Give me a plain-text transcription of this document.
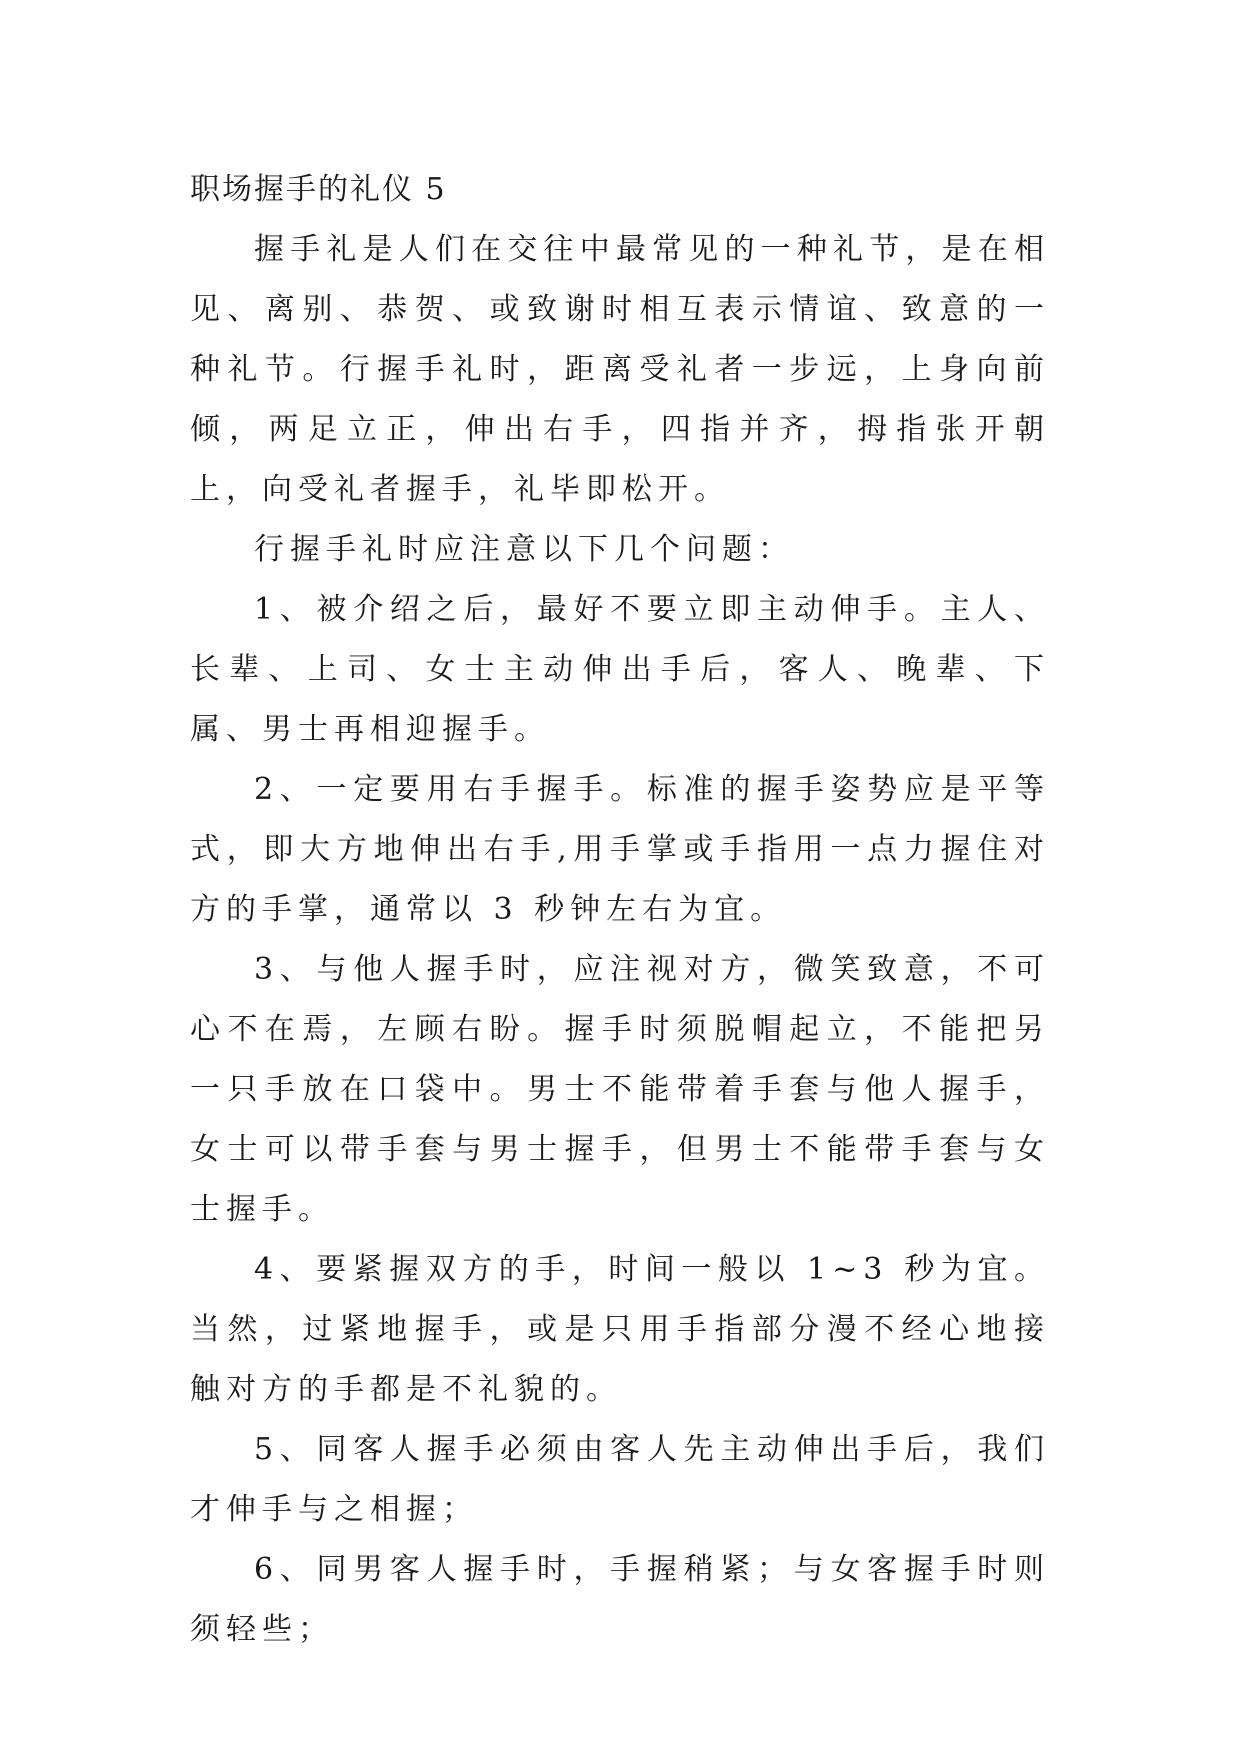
职场握手的礼仪 5

握手礼是人们在交往中最常见的一种礼节，是在相见、离别、恭贺、或致谢时相互表示情谊、致意的一种礼节。行握手礼时，距离受礼者一步远，上身向前倾，两足立正，伸出右手，四指并齐，拇指张开朝上，向受礼者握手，礼毕即松开。

行握手礼时应注意以下几个问题：

1、被介绍之后，最好不要立即主动伸手。主人、长辈、上司、女士主动伸出手后，客人、晚辈、下属、男士再相迎握手。

2、一定要用右手握手。标准的握手姿势应是平等式，即大方地伸出右手,用手掌或手指用一点力握住对方的手掌，通常以 3 秒钟左右为宜。

3、与他人握手时，应注视对方，微笑致意，不可心不在焉，左顾右盼。握手时须脱帽起立，不能把另一只手放在口袋中。男士不能带着手套与他人握手，女士可以带手套与男士握手，但男士不能带手套与女士握手。

4、要紧握双方的手，时间一般以 1~3 秒为宜。当然，过紧地握手，或是只用手指部分漫不经心地接触对方的手都是不礼貌的。

5、同客人握手必须由客人先主动伸出手后，我们才伸手与之相握；

6、同男客人握手时，手握稍紧；与女客握手时则须轻些；
